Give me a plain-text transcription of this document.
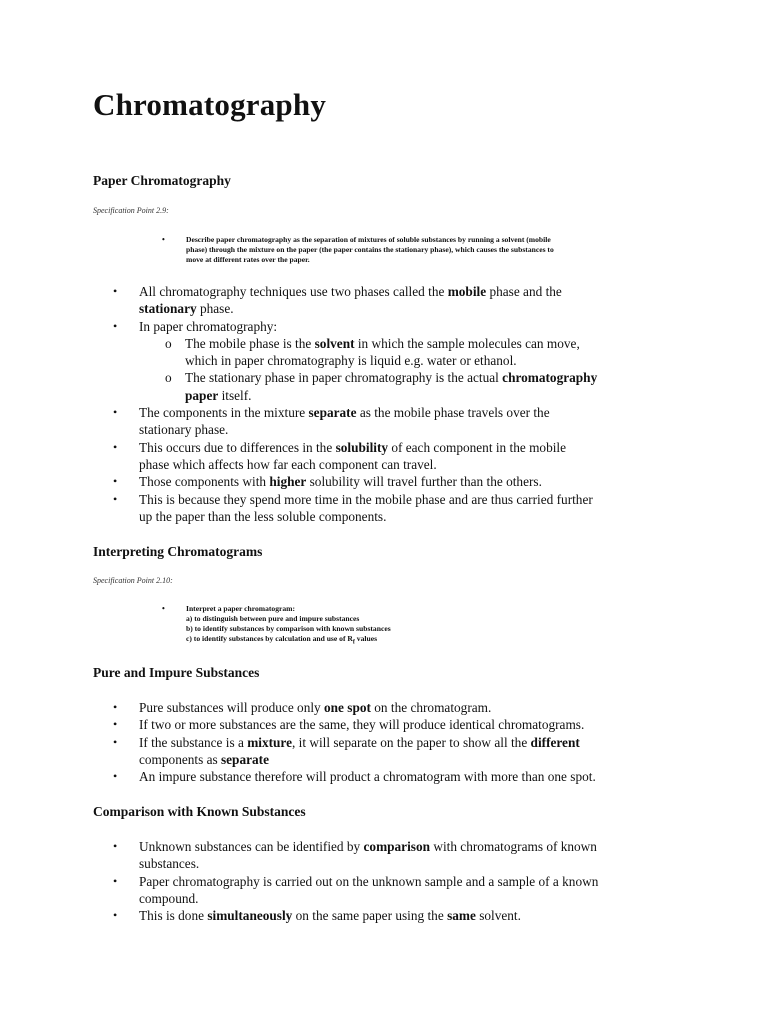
Chromatography
Paper Chromatography

Specification Point 2.9:

•	Describe paper chromatography as the separation of mixtures of soluble substances by running a solvent (mobile
phase) through the mixture on the paper (the paper contains the stationary phase), which causes the substances to
move at different rates over the paper.
• All chromatography techniques use two phases called the mobile phase and the
stationary phase.
• In paper chromatography:
o The mobile phase is the solvent in which the sample molecules can move,
which in paper chromatography is liquid e.g. water or ethanol.
o The stationary phase in paper chromatography is the actual chromatography
paper itself.
• The components in the mixture separate as the mobile phase travels over the
stationary phase.
• This occurs due to differences in the solubility of each component in the mobile
phase which affects how far each component can travel.
• Those components with higher solubility will travel further than the others.
• This is because they spend more time in the mobile phase and are thus carried further
up the paper than the less soluble components.
Interpreting Chromatograms

Specification Point 2.10:

•	Interpret a paper chromatogram:
a) to distinguish between pure and impure substances
b) to identify substances by comparison with known substances
c) to identify substances by calculation and use of $R_f$ values
Pure and Impure Substances
• Pure substances will produce only one spot on the chromatogram.
• If two or more substances are the same, they will produce identical chromatograms.
• If the substance is a mixture, it will separate on the paper to show all the different
components as separate
• An impure substance therefore will product a chromatogram with more than one spot.
Comparison with Known Substances
• Unknown substances can be identified by comparison with chromatograms of known
substances.
• Paper chromatography is carried out on the unknown sample and a sample of a known
compound.
• This is done simultaneously on the same paper using the same solvent.
